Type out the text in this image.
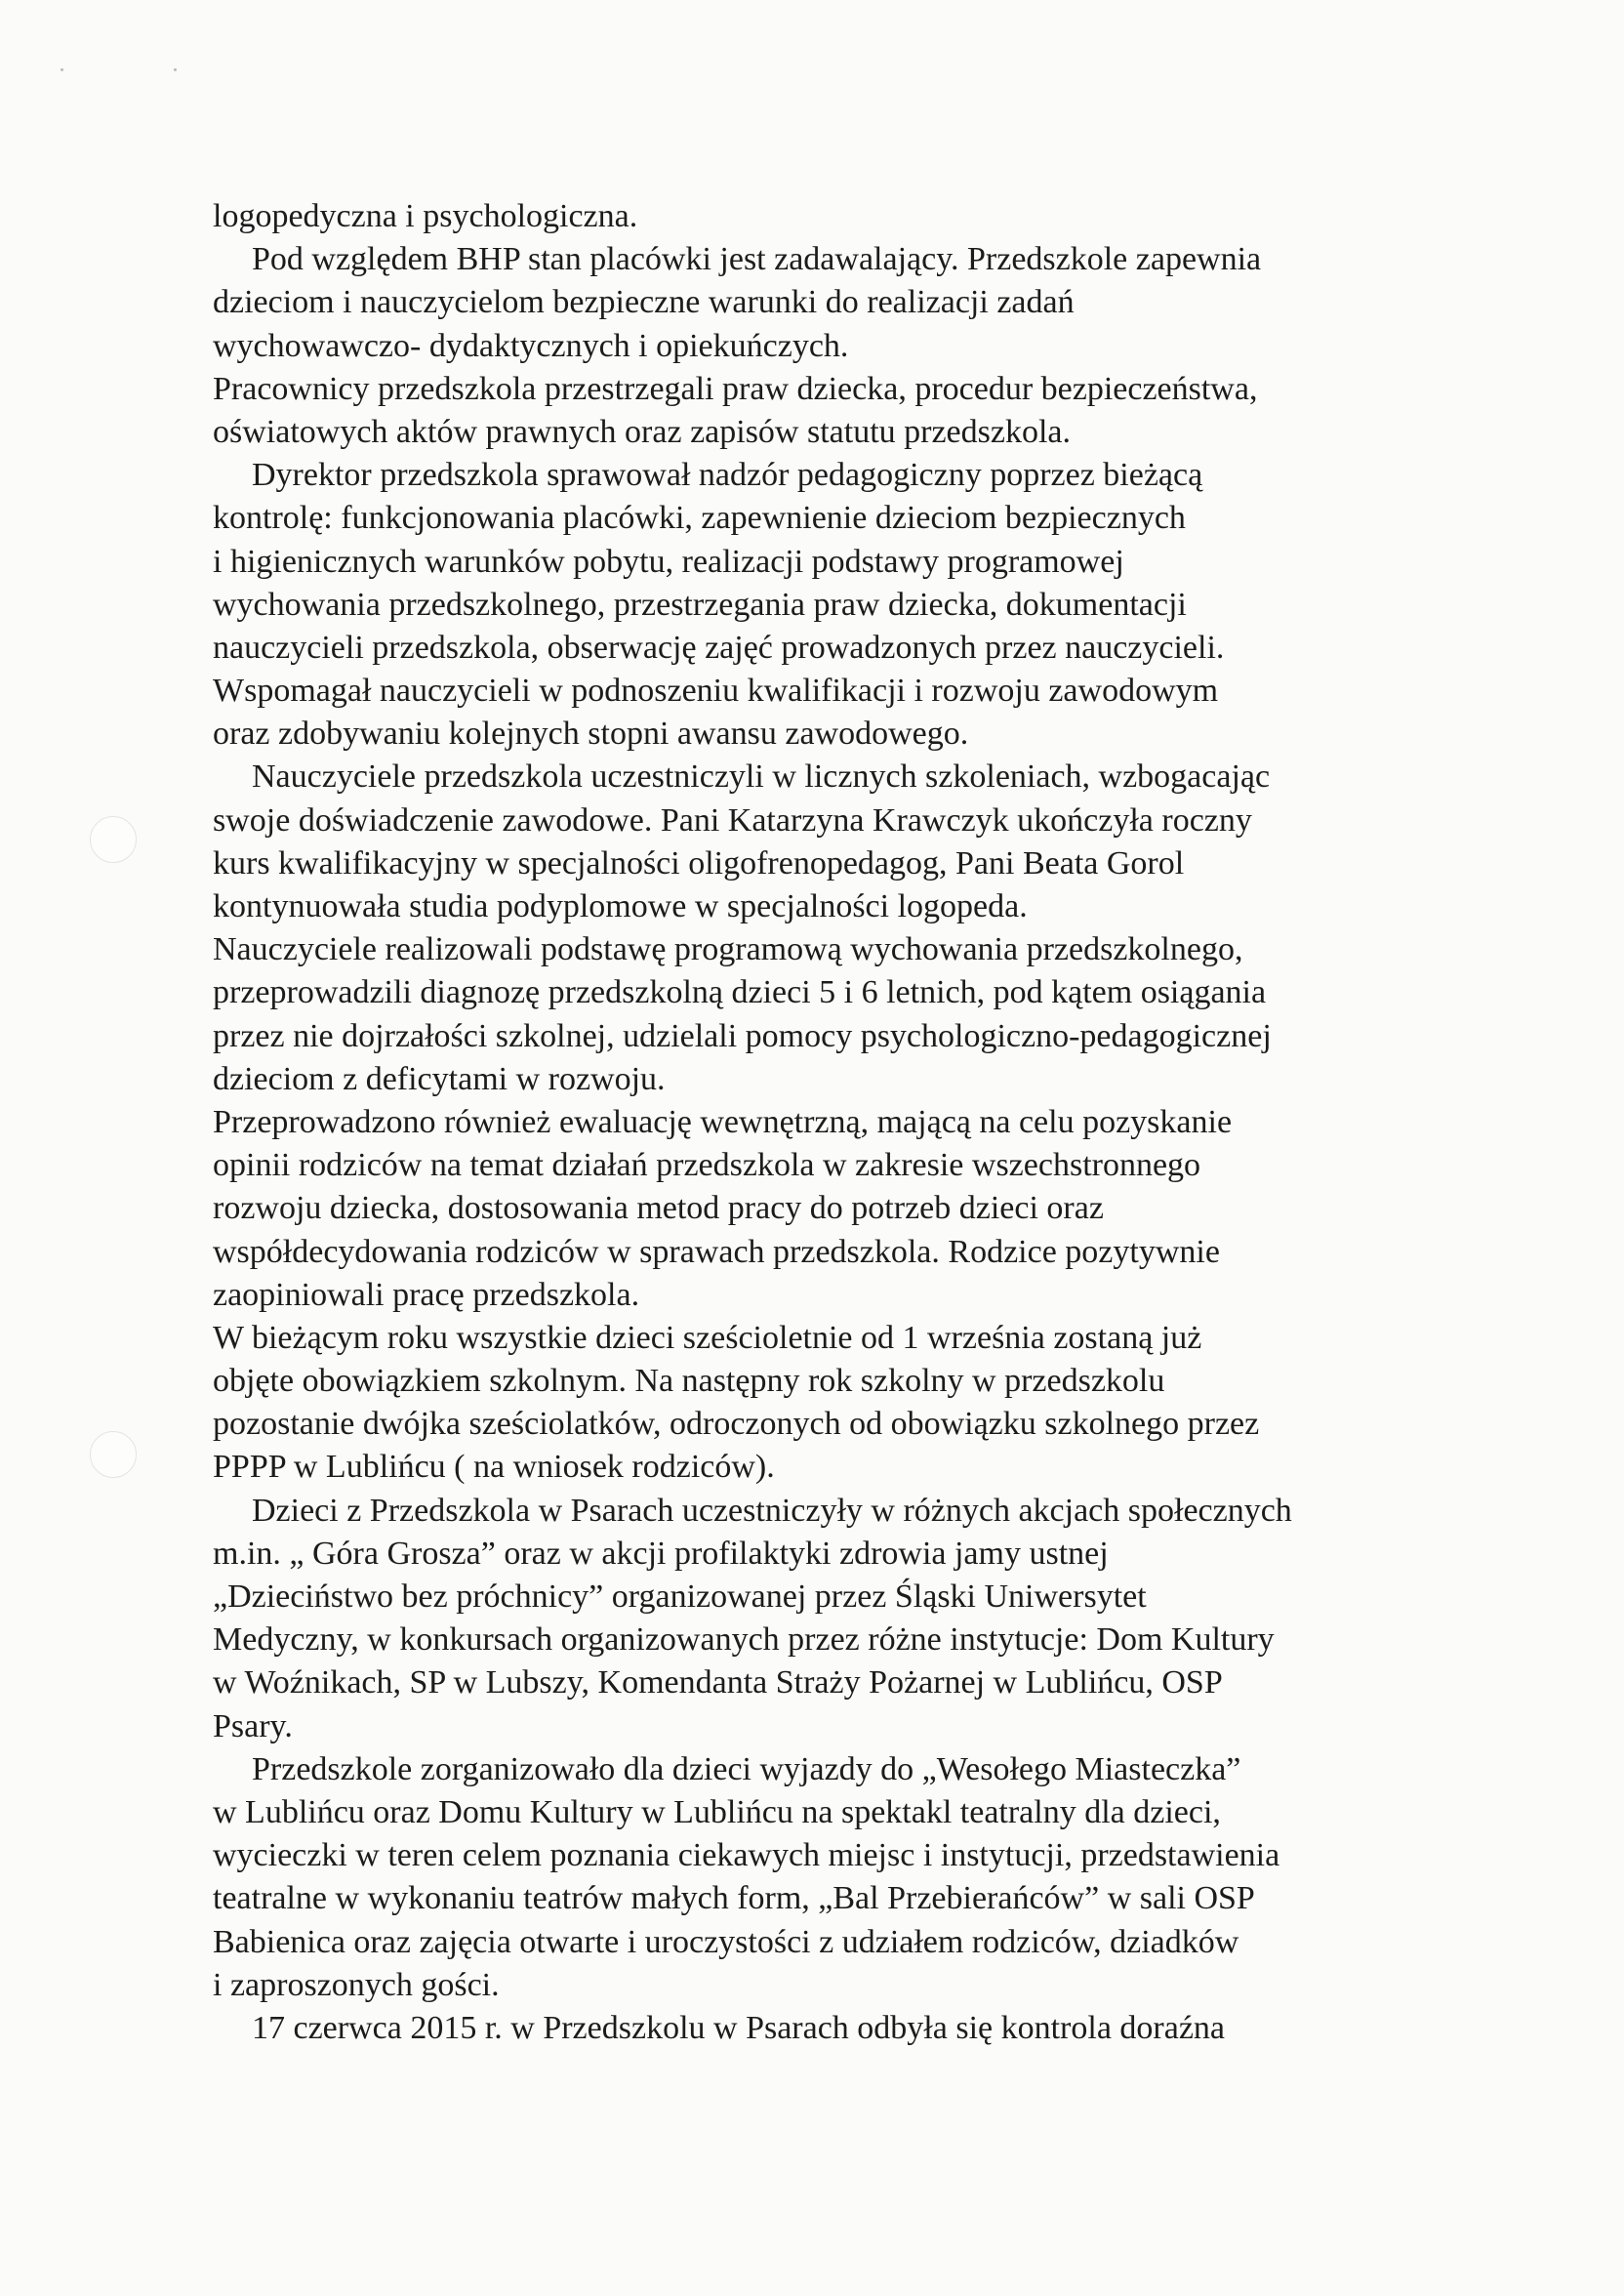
logopedyczna i psychologiczna.

Pod względem BHP stan placówki jest zadawalający. Przedszkole zapewnia

dzieciom i nauczycielom bezpieczne warunki do realizacji zadań

wychowawczo- dydaktycznych i opiekuńczych.

Pracownicy przedszkola przestrzegali praw dziecka, procedur bezpieczeństwa,

oświatowych aktów prawnych oraz zapisów statutu przedszkola.

Dyrektor przedszkola sprawował nadzór pedagogiczny poprzez bieżącą

kontrolę: funkcjonowania placówki, zapewnienie dzieciom bezpiecznych

i higienicznych warunków pobytu, realizacji podstawy programowej

wychowania przedszkolnego, przestrzegania praw dziecka, dokumentacji

nauczycieli przedszkola, obserwację zajęć prowadzonych przez nauczycieli.

Wspomagał nauczycieli w podnoszeniu kwalifikacji i rozwoju zawodowym

oraz zdobywaniu kolejnych stopni awansu zawodowego.

Nauczyciele przedszkola uczestniczyli w licznych szkoleniach, wzbogacając

swoje doświadczenie zawodowe. Pani Katarzyna Krawczyk ukończyła roczny

kurs kwalifikacyjny w specjalności oligofrenopedagog, Pani Beata Gorol

kontynuowała studia podyplomowe w specjalności logopeda.

Nauczyciele realizowali podstawę programową wychowania przedszkolnego,

przeprowadzili diagnozę przedszkolną dzieci 5 i 6 letnich, pod kątem osiągania

przez nie dojrzałości szkolnej, udzielali pomocy psychologiczno-pedagogicznej

dzieciom z deficytami w rozwoju.

Przeprowadzono również ewaluację wewnętrzną, mającą na celu pozyskanie

opinii rodziców na temat działań przedszkola w zakresie wszechstronnego

rozwoju dziecka, dostosowania metod pracy do potrzeb dzieci oraz

współdecydowania rodziców w sprawach przedszkola. Rodzice pozytywnie

zaopiniowali pracę przedszkola.

W bieżącym roku wszystkie dzieci sześcioletnie od 1 września zostaną już

objęte obowiązkiem szkolnym. Na następny rok szkolny w przedszkolu

pozostanie dwójka sześciolatków, odroczonych od obowiązku szkolnego przez

PPPP w Lublińcu ( na wniosek rodziców).

Dzieci z Przedszkola w Psarach uczestniczyły w różnych akcjach społecznych

m.in. „ Góra Grosza” oraz w akcji profilaktyki zdrowia jamy ustnej

„Dzieciństwo bez próchnicy” organizowanej przez Śląski Uniwersytet

Medyczny, w konkursach organizowanych przez różne instytucje: Dom Kultury

w Woźnikach, SP w Lubszy, Komendanta Straży Pożarnej w Lublińcu, OSP

Psary.

Przedszkole zorganizowało dla dzieci wyjazdy do „Wesołego Miasteczka”

w Lublińcu oraz Domu Kultury w Lublińcu na spektakl teatralny dla dzieci,

wycieczki w teren celem poznania ciekawych miejsc i instytucji, przedstawienia

teatralne w wykonaniu teatrów małych form, „Bal Przebierańców” w sali OSP

Babienica oraz zajęcia otwarte i uroczystości z udziałem rodziców, dziadków

i zaproszonych gości.

17 czerwca 2015 r. w Przedszkolu w Psarach odbyła się kontrola doraźna
